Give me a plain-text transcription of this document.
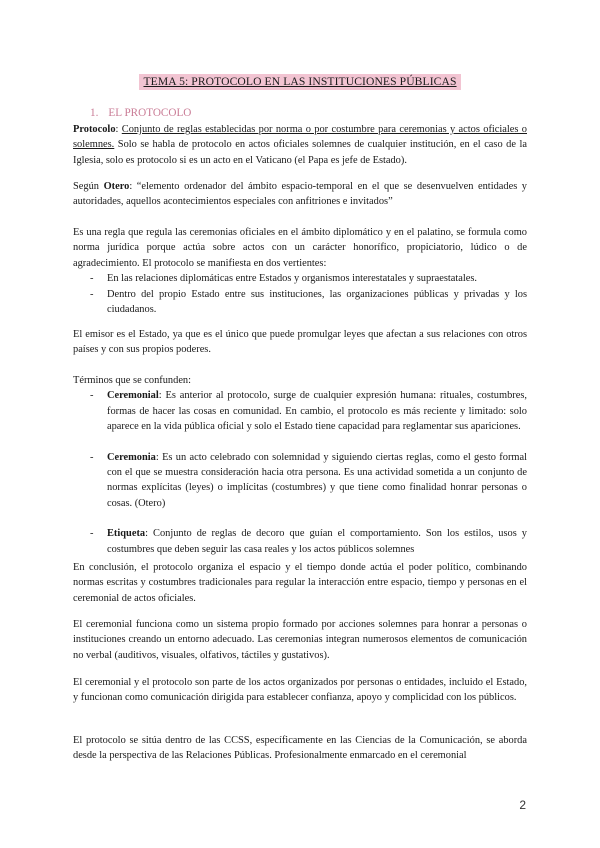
TEMA 5: PROTOCOLO EN LAS INSTITUCIONES PÚBLICAS
1. EL PROTOCOLO

Protocolo: Conjunto de reglas establecidas por norma o por costumbre para ceremonias y actos oficiales o solemnes. Solo se habla de protocolo en actos oficiales solemnes de cualquier institución, en el caso de la Iglesia, solo es protocolo si es un acto en el Vaticano (el Papa es jefe de Estado).

Según Otero: “elemento ordenador del ámbito espacio-temporal en el que se desenvuelven entidades y autoridades, aquellos acontecimientos especiales con anfitriones e invitados”

Es una regla que regula las ceremonias oficiales en el ámbito diplomático y en el palatino, se formula como norma jurídica porque actúa sobre actos con un carácter honorífico, propiciatorio, lúdico o de agradecimiento. El protocolo se manifiesta en dos vertientes:

- En las relaciones diplomáticas entre Estados y organismos interestatales y supraestatales.
- Dentro del propio Estado entre sus instituciones, las organizaciones públicas y privadas y los ciudadanos.

El emisor es el Estado, ya que es el único que puede promulgar leyes que afectan a sus relaciones con otros países y con sus propios poderes.

Términos que se confunden:

- Ceremonial: Es anterior al protocolo, surge de cualquier expresión humana: rituales, costumbres, formas de hacer las cosas en comunidad. En cambio, el protocolo es más reciente y limitado: solo aparece en la vida pública oficial y solo el Estado tiene capacidad para reglamentar sus apariciones.
- Ceremonia: Es un acto celebrado con solemnidad y siguiendo ciertas reglas, como el gesto formal con el que se muestra consideración hacia otra persona. Es una actividad sometida a un conjunto de normas explícitas (leyes) o implícitas (costumbres) y que tiene como finalidad honrar personas o cosas. (Otero)
- Etiqueta: Conjunto de reglas de decoro que guían el comportamiento. Son los estilos, usos y costumbres que deben seguir las casa reales y los actos públicos solemnes

En conclusión, el protocolo organiza el espacio y el tiempo donde actúa el poder político, combinando normas escritas y costumbres tradicionales para regular la interacción entre espacio, tiempo y personas en el ceremonial de actos oficiales.

El ceremonial funciona como un sistema propio formado por acciones solemnes para honrar a personas o instituciones creando un entorno adecuado. Las ceremonias integran numerosos elementos de comunicación no verbal (auditivos, visuales, olfativos, táctiles y gustativos).

El ceremonial y el protocolo son parte de los actos organizados por personas o entidades, incluido el Estado, y funcionan como comunicación dirigida para establecer confianza, apoyo y complicidad con los públicos.

El protocolo se sitúa dentro de las CCSS, específicamente en las Ciencias de la Comunicación, se aborda desde la perspectiva de las Relaciones Públicas. Profesionalmente enmarcado en el ceremonial

2
